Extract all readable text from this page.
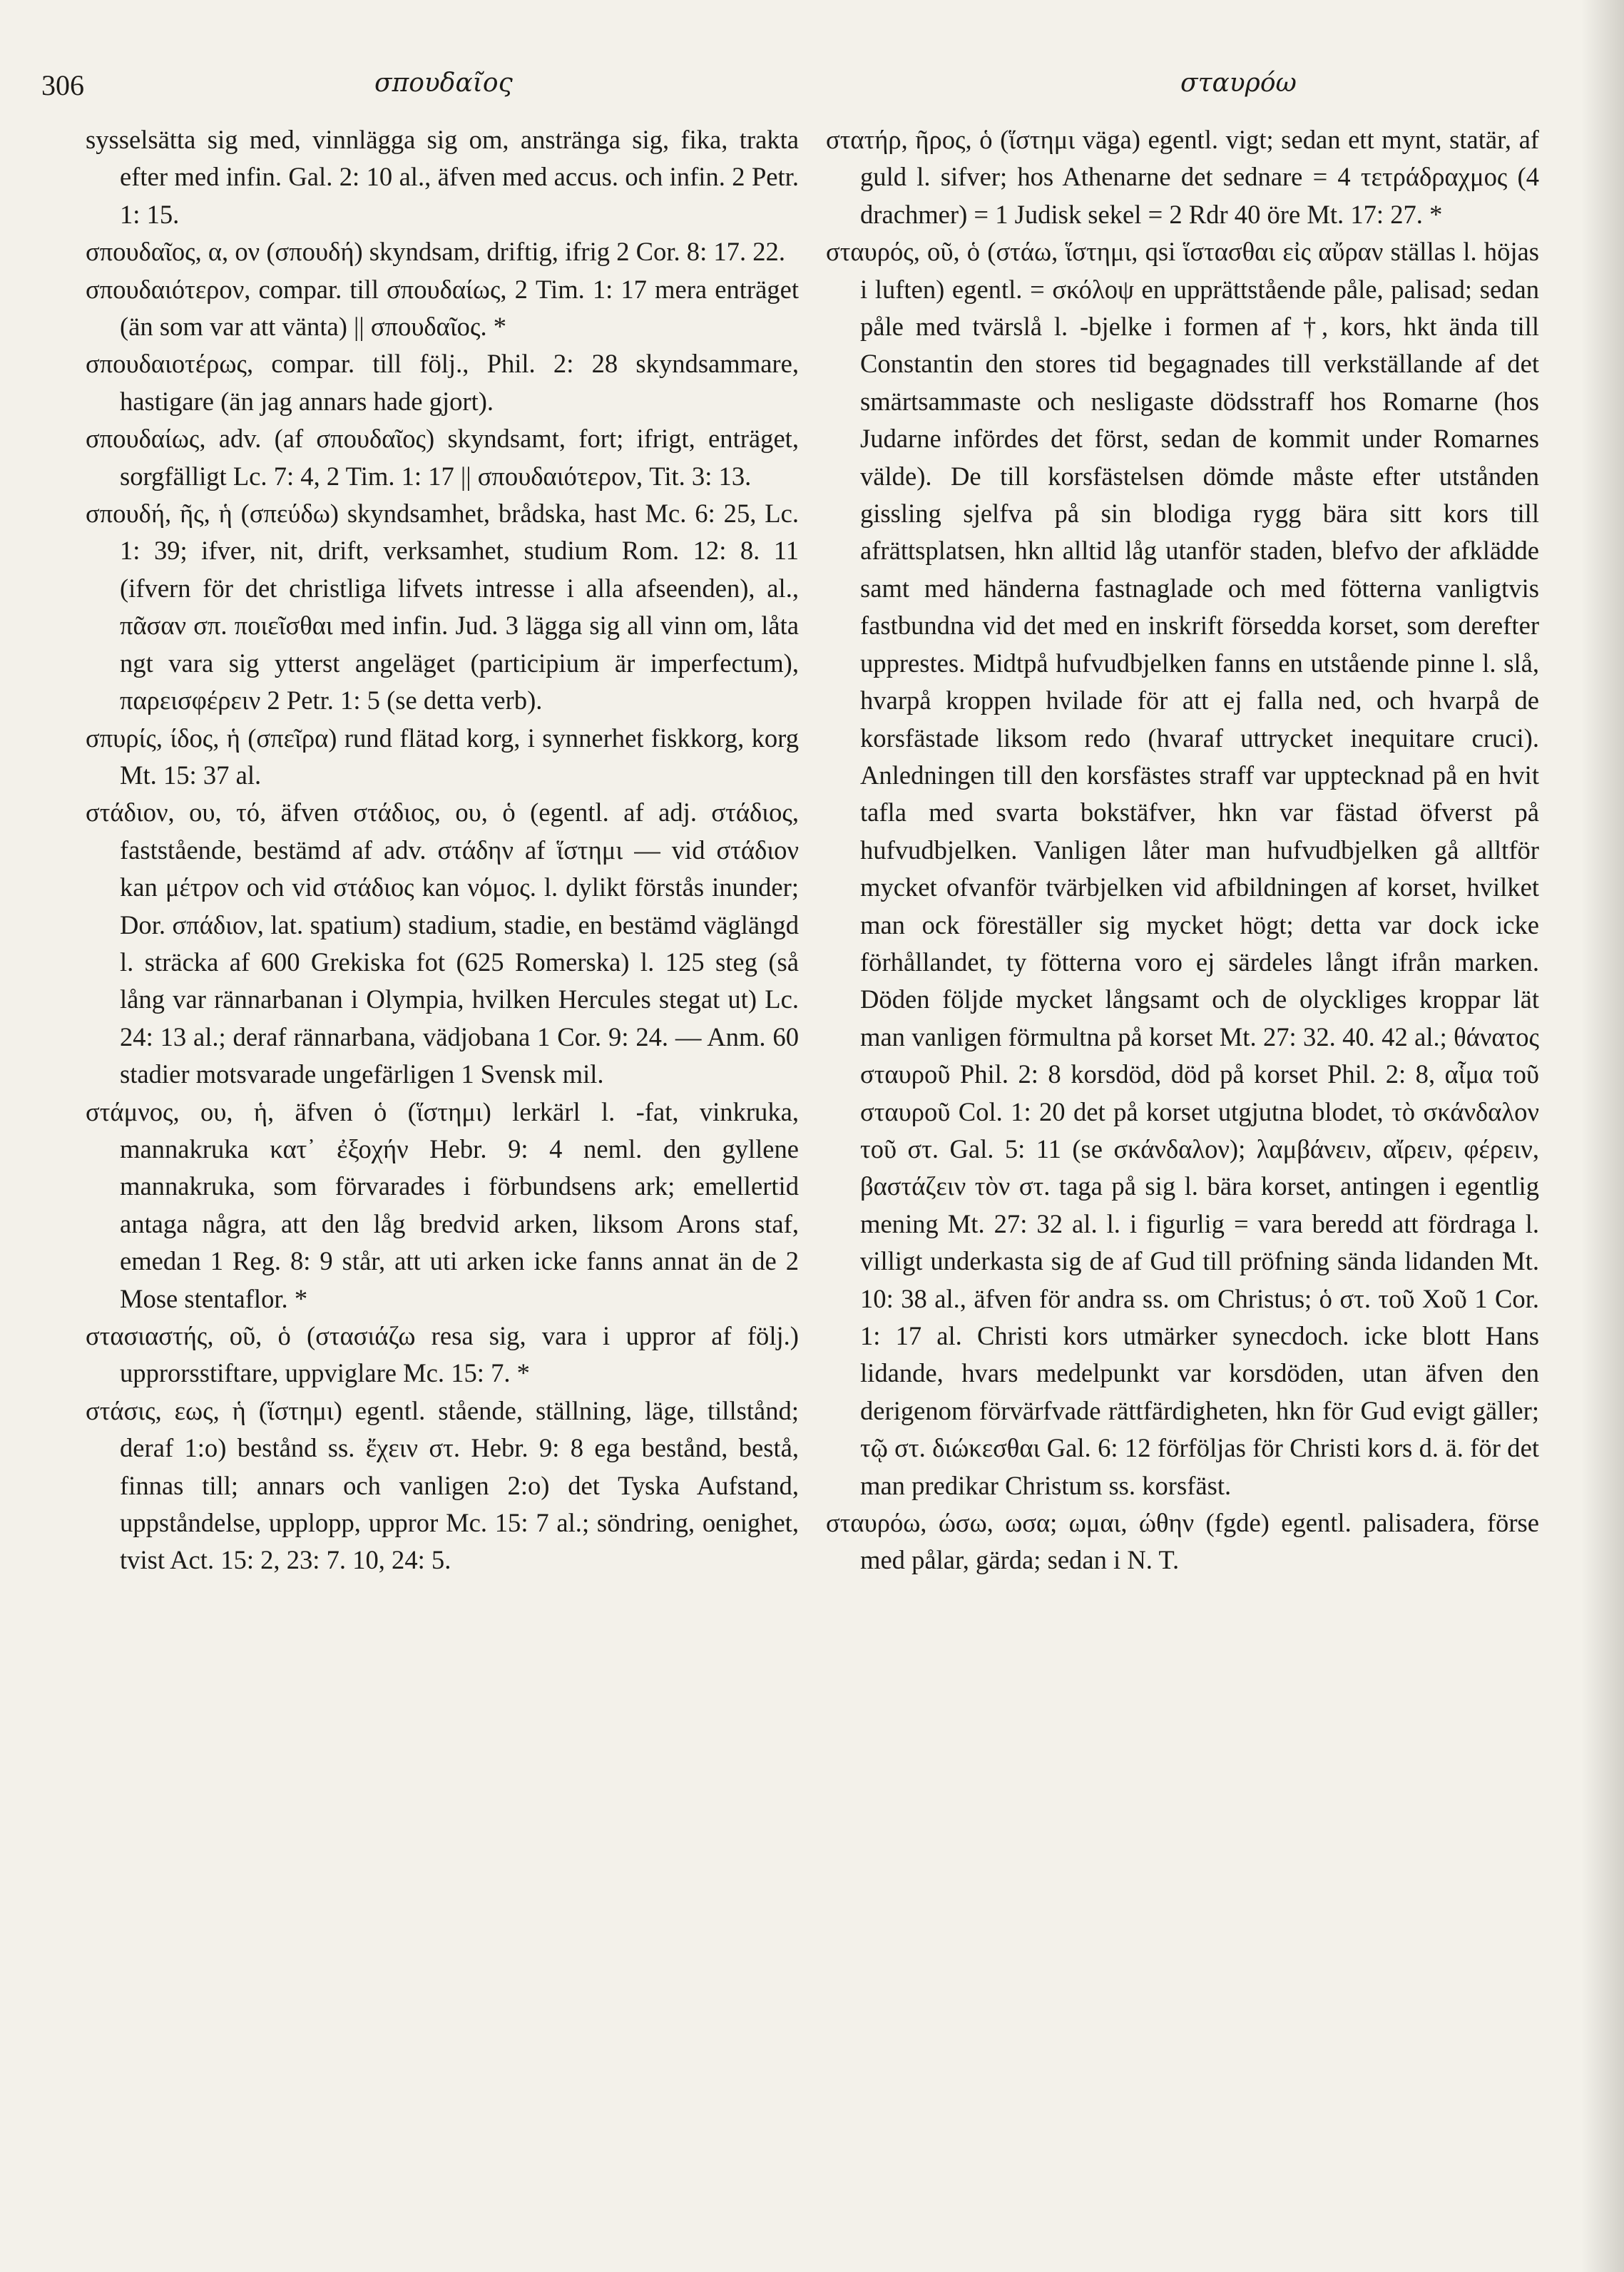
306	σπουδαῖος	σταυρόω

sysselsätta sig med, vinnlägga sig om, anstränga sig, fika, trakta efter med infin. Gal. 2: 10 al., äfven med accus. och infin. 2 Petr. 1: 15.

σπουδαῖος, α, ον (σπουδή) skyndsam, driftig, ifrig 2 Cor. 8: 17. 22.

σπουδαιότερον, compar. till σπουδαίως, 2 Tim. 1: 17 mera enträget (än som var att vänta) || σπουδαῖος. *

σπουδαιοτέρως, compar. till följ., Phil. 2: 28 skyndsammare, hastigare (än jag annars hade gjort).

σπουδαίως, adv. (af σπουδαῖος) skyndsamt, fort; ifrigt, enträget, sorgfälligt Lc. 7: 4, 2 Tim. 1: 17 || σπουδαιότερον, Tit. 3: 13.

σπουδή, ῆς, ἡ (σπεύδω) skyndsamhet, brådska, hast Mc. 6: 25, Lc. 1: 39; ifver, nit, drift, verksamhet, studium Rom. 12: 8. 11 (ifvern för det christliga lifvets intresse i alla afseenden), al., πᾶσαν σπ. ποιεῖσθαι med infin. Jud. 3 lägga sig all vinn om, låta ngt vara sig ytterst angeläget (participium är imperfectum), παρεισφέρειν 2 Petr. 1: 5 (se detta verb).

σπυρίς, ίδος, ἡ (σπεῖρα) rund flätad korg, i synnerhet fiskkorg, korg Mt. 15: 37 al.

στάδιον, ου, τό, äfven στάδιος, ου, ὁ (egentl. af adj. στάδιος, faststående, bestämd af adv. στάδην af ἵστημι — vid στάδιον kan μέτρον och vid στάδιος kan νόμος. l. dylikt förstås inunder; Dor. σπάδιον, lat. spatium) stadium, stadie, en bestämd väglängd l. sträcka af 600 Grekiska fot (625 Romerska) l. 125 steg (så lång var rännarbanan i Olympia, hvilken Hercules stegat ut) Lc. 24: 13 al.; deraf rännarbana, vädjobana 1 Cor. 9: 24. — Anm. 60 stadier motsvarade ungefärligen 1 Svensk mil.

στάμνος, ου, ἡ, äfven ὁ (ἵστημι) lerkärl l. -fat, vinkruka, mannakruka κατ᾽ ἐξοχήν Hebr. 9: 4 neml. den gyllene mannakruka, som förvarades i förbundsens ark; emellertid antaga några, att den låg bredvid arken, liksom Arons staf, emedan 1 Reg. 8: 9 står, att uti arken icke fanns annat än de 2 Mose stentaflor. *

στασιαστής, οῦ, ὁ (στασιάζω resa sig, vara i uppror af följ.) upprorsstiftare, uppviglare Mc. 15: 7. *

στάσις, εως, ἡ (ἵστημι) egentl. stående, ställning, läge, tillstånd; deraf 1:o) bestånd ss. ἔχειν στ. Hebr. 9: 8 ega bestånd, bestå, finnas till; annars och vanligen 2:o) det Tyska Aufstand, uppståndelse, upplopp, uppror Mc. 15: 7 al.; söndring, oenighet, tvist Act. 15: 2, 23: 7. 10, 24: 5.

στατήρ, ῆρος, ὁ (ἵστημι väga) egentl. vigt; sedan ett mynt, statär, af guld l. sifver; hos Athenarne det sednare = 4 τετράδραχμος (4 drachmer) = 1 Judisk sekel = 2 Rdr 40 öre Mt. 17: 27. *

σταυρός, οῦ, ὁ (στάω, ἵστημι, qsi ἵστασθαι εἰς αὔραν ställas l. höjas i luften) egentl. = σκόλοψ en upprättstående påle, palisad; sedan påle med tvärslå l. -bjelke i formen af †, kors, hkt ända till Constantin den stores tid begagnades till verkställande af det smärtsammaste och nesligaste dödsstraff hos Romarne (hos Judarne infördes det först, sedan de kommit under Romarnes välde). De till korsfästelsen dömde måste efter utstånden gissling sjelfva på sin blodiga rygg bära sitt kors till afrättsplatsen, hkn alltid låg utanför staden, blefvo der afklädde samt med händerna fastnaglade och med fötterna vanligtvis fastbundna vid det med en inskrift försedda korset, som derefter upprestes. Midtpå hufvudbjelken fanns en utstående pinne l. slå, hvarpå kroppen hvilade för att ej falla ned, och hvarpå de korsfästade liksom redo (hvaraf uttrycket inequitare cruci). Anledningen till den korsfästes straff var upptecknad på en hvit tafla med svarta bokstäfver, hkn var fästad öfverst på hufvudbjelken. Vanligen låter man hufvudbjelken gå alltför mycket ofvanför tvärbjelken vid afbildningen af korset, hvilket man ock föreställer sig mycket högt; detta var dock icke förhållandet, ty fötterna voro ej särdeles långt ifrån marken. Döden följde mycket långsamt och de olyckliges kroppar lät man vanligen förmultna på korset Mt. 27: 32. 40. 42 al.; θάνατος σταυροῦ Phil. 2: 8 korsdöd, död på korset Phil. 2: 8, αἷμα τοῦ σταυροῦ Col. 1: 20 det på korset utgjutna blodet, τὸ σκάνδαλον τοῦ στ. Gal. 5: 11 (se σκάνδαλον); λαμβάνειν, αἴρειν, φέρειν, βαστάζειν τὸν στ. taga på sig l. bära korset, antingen i egentlig mening Mt. 27: 32 al. l. i figurlig = vara beredd att fördraga l. villigt underkasta sig de af Gud till pröfning sända lidanden Mt. 10: 38 al., äfven för andra ss. om Christus; ὁ στ. τοῦ Χοῦ 1 Cor. 1: 17 al. Christi kors utmärker synecdoch. icke blott Hans lidande, hvars medelpunkt var korsdöden, utan äfven den derigenom förvärfvade rättfärdigheten, hkn för Gud evigt gäller; τῷ στ. διώκεσθαι Gal. 6: 12 förföljas för Christi kors d. ä. för det man predikar Christum ss. korsfäst.

σταυρόω, ώσω, ωσα; ωμαι, ώθην (fgde) egentl. palisadera, förse med pålar, gärda; sedan i N. T.
